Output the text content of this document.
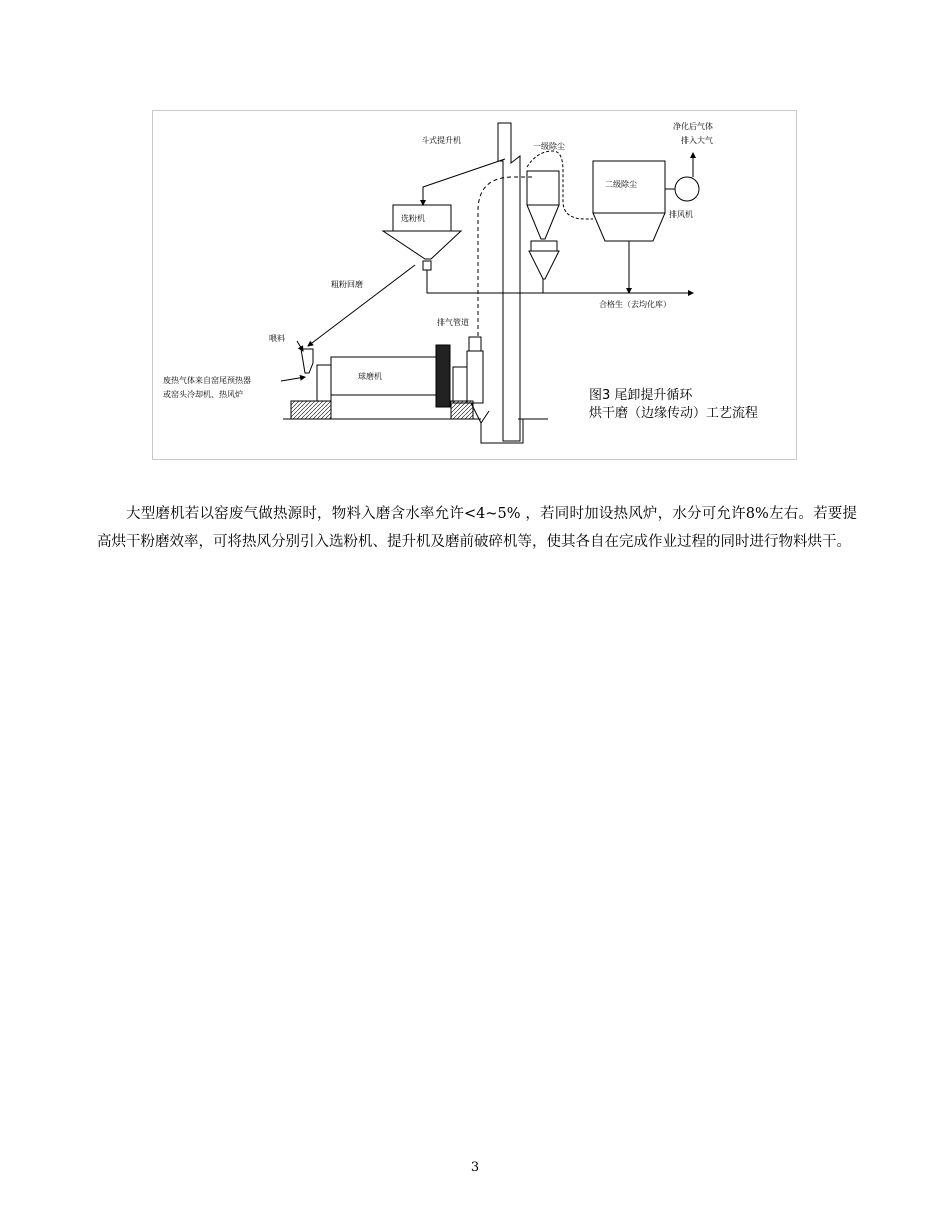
斗式提升机
一级除尘
净化后气体
排入大气
选粉机
二级除尘
排风机
粗粉回磨
合格生（去均化库）
排气管道
喂料
球磨机
废热气体来自窑尾预热器
或窑头冷却机、热风炉	图3 尾卸提升循环
烘干磨（边缘传动）工艺流程

大型磨机若以窑废气做热源时，物料入磨含水率允许<4~5% ，若同时加设热风炉，水分可允许8%左右。若要提高烘干粉磨效率，可将热风分别引入选粉机、提升机及磨前破碎机等，使其各自在完成作业过程的同时进行物料烘干。

3
